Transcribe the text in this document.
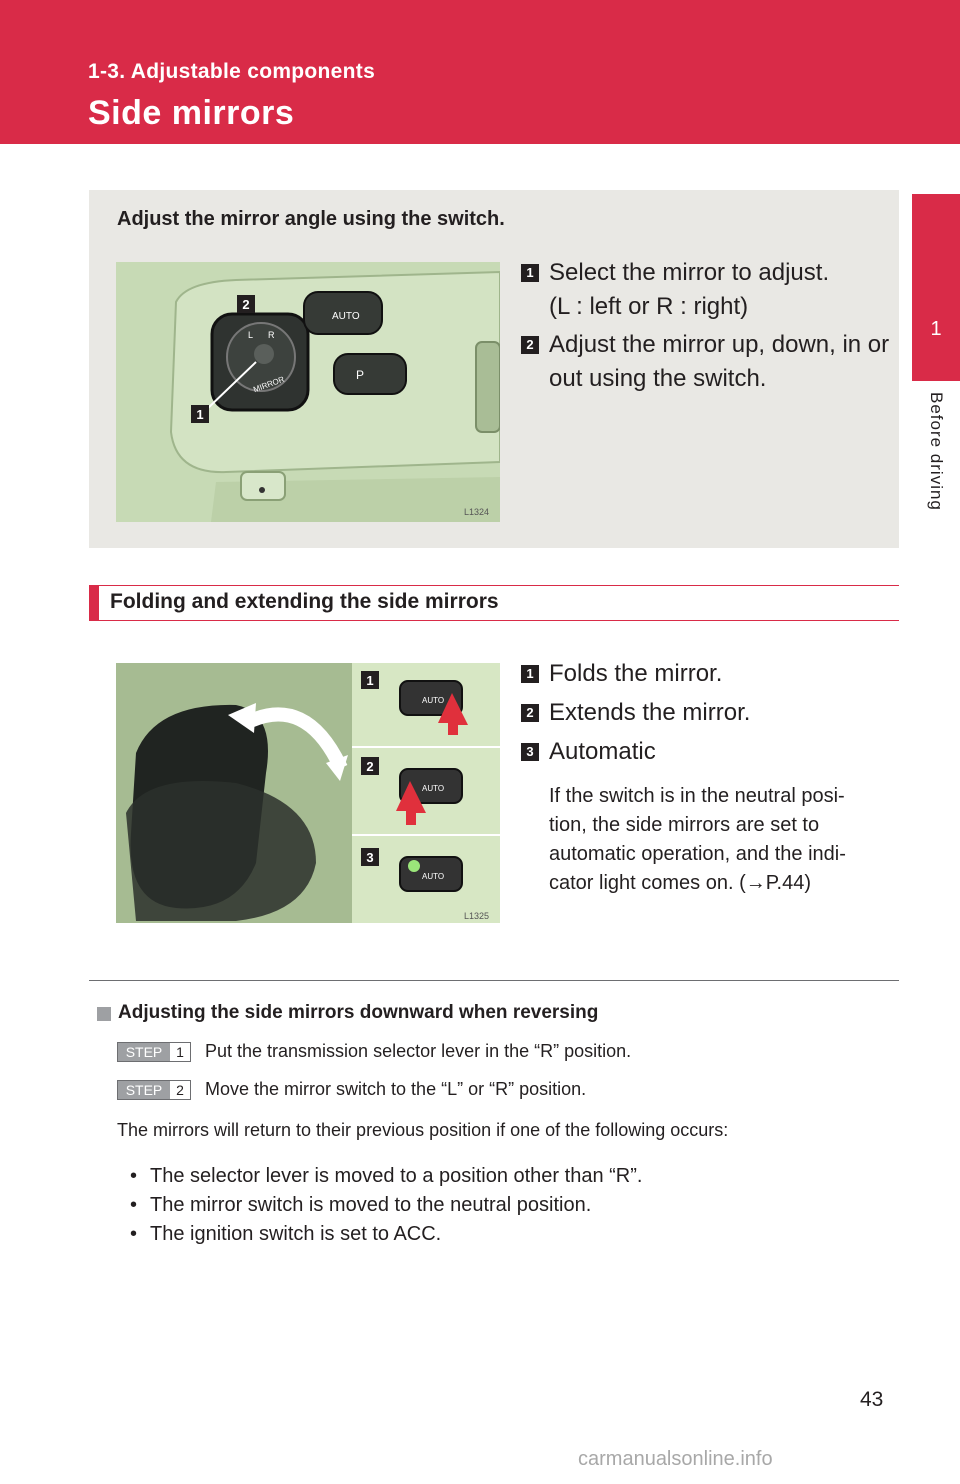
1-3. Adjustable components
Side mirrors
1
Before driving
Adjust the mirror angle using the switch.
L R
MIRROR
AUTO
P
2
1
L1324
1 Select the mirror to adjust.
(L : left or R : right)
2 Adjust the mirror up, down, in or
out using the switch.
Folding and extending the side mirrors
1
2
3
AUTO
AUTO
AUTO
L1325
1 Folds the mirror.
2 Extends the mirror.
3 Automatic
If the switch is in the neutral posi-
tion, the side mirrors are set to
automatic operation, and the indi-
cator light comes on. (→P.44)
Adjusting the side mirrors downward when reversing
STEP 1	Put the transmission selector lever in the “R” position.
STEP 2	Move the mirror switch to the “L” or “R” position.
The mirrors will return to their previous position if one of the following occurs:
• The selector lever is moved to a position other than “R”.
• The mirror switch is moved to the neutral position.
• The ignition switch is set to ACC.
43
carmanualsonline.info
